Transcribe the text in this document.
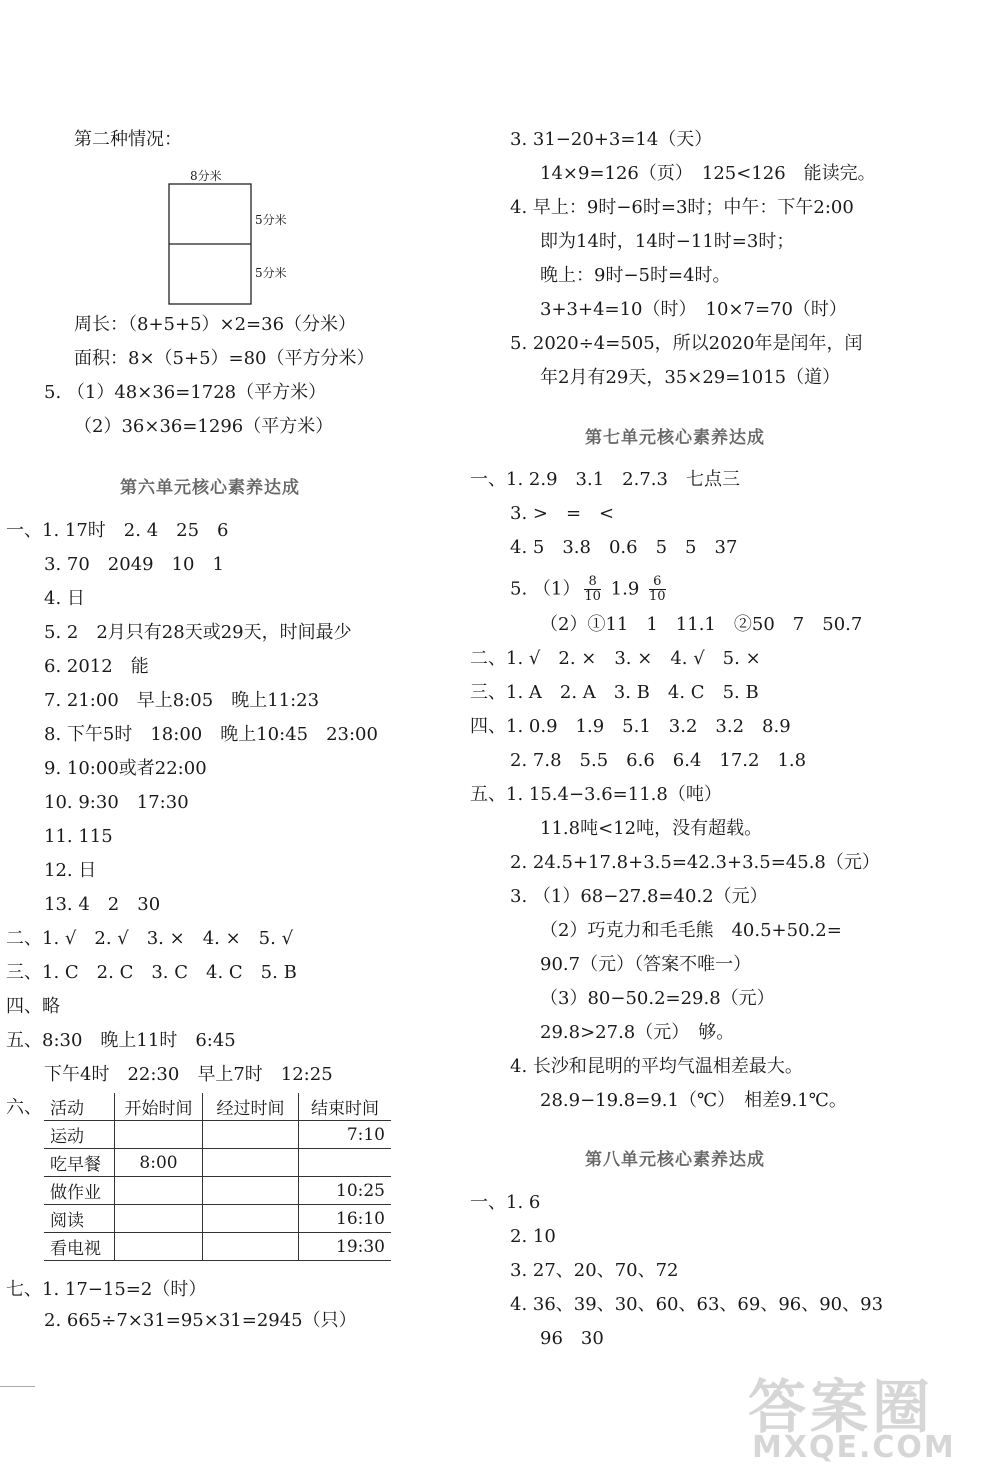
第二种情况：
8分米
5分米
5分米
周长：（8+5+5）×2=36（分米）
面积：8×（5+5）=80（平方分米）
5. （1）48×36=1728（平方米）
（2）36×36=1296（平方米）
第六单元核心素养达成
一、1. 17时　2. 4　25　6
3. 70　2049　10　1
4. 日
5. 2　2月只有28天或29天，时间最少
6. 2012　能
7. 21:00　早上8:05　晚上11:23
8. 下午5时　18:00　晚上10:45　23:00
9. 10:00或者22:00
10. 9:30　17:30
11. 115
12. 日
13. 4　2　30
二、1. √　2. √　3. ×　4. ×　5. √
三、1. C　2. C　3. C　4. C　5. B
四、略
五、8:30　晚上11时　6:45
下午4时　22:30　早上7时　12:25
六、 活动	开始时间	经过时间	结束时间
运动			7:10
吃早餐	8:00		
做作业			10:25
阅读			16:10
看电视			19:30
七、1. 17−15=2（时）
2. 665÷7×31=95×31=2945（只）
3. 31−20+3=14（天）
14×9=126（页）　125<126　能读完。
4. 早上：9时−6时=3时；中午：下午2:00
即为14时，14时−11时=3时；
晚上：9时−5时=4时。
3+3+4=10（时）　10×7=70（时）
5. 2020÷4=505，所以2020年是闰年，闰
年2月有29天，35×29=1015（道）
第七单元核心素养达成
一、1. 2.9　3.1　2.7.3　七点三
3. >　=　<
4. 5　3.8　0.6　5　5　37
5. $(1) \frac{8}{10} 1.9 \frac{6}{10}$
（2）①11　1　11.1　②50　7　50.7
二、1. √　2. ×　3. ×　4. √　5. ×
三、1. A　2. A　3. B　4. C　5. B
四、1. 0.9　1.9　5.1　3.2　3.2　8.9
2. 7.8　5.5　6.6　6.4　17.2　1.8
五、1. 15.4−3.6=11.8（吨）
11.8吨<12吨，没有超载。
2. 24.5+17.8+3.5=42.3+3.5=45.8（元）
3. （1）68−27.8=40.2（元）
（2）巧克力和毛毛熊　40.5+50.2=
90.7（元）（答案不唯一）
（3）80−50.2=29.8（元）
29.8>27.8（元）　够。
4. 长沙和昆明的平均气温相差最大。
28.9−19.8=9.1（℃）　相差9.1℃。
第八单元核心素养达成
一、1. 6
2. 10
3. 27、20、70、72
4. 36、39、30、60、63、69、96、90、93
96　30
答案圈
MXQE.COM
